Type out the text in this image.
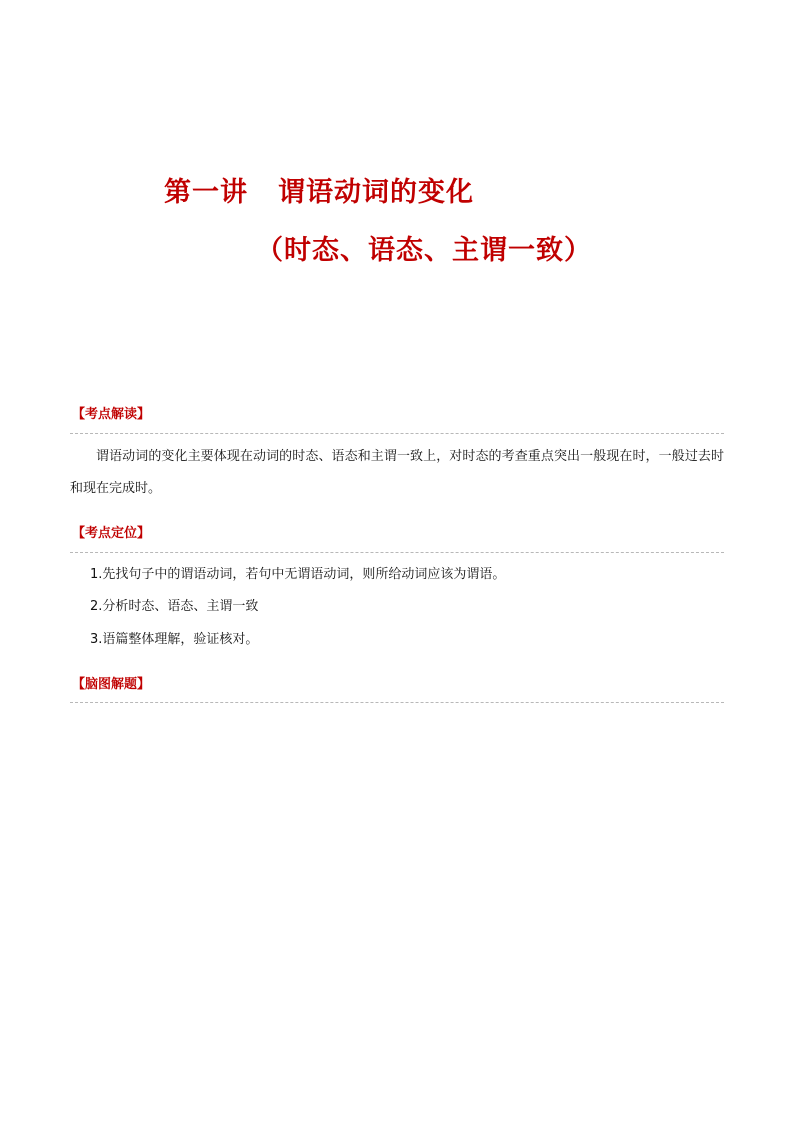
第一讲 谓语动词的变化
（时态、语态、主谓一致）
【考点解读】
谓语动词的变化主要体现在动词的时态、语态和主谓一致上，对时态的考查重点突出一般现在时，一般过去时和现在完成时。
【考点定位】
1.先找句子中的谓语动词，若句中无谓语动词，则所给动词应该为谓语。
2.分析时态、语态、主谓一致
3.语篇整体理解，验证核对。
【脑图解题】
